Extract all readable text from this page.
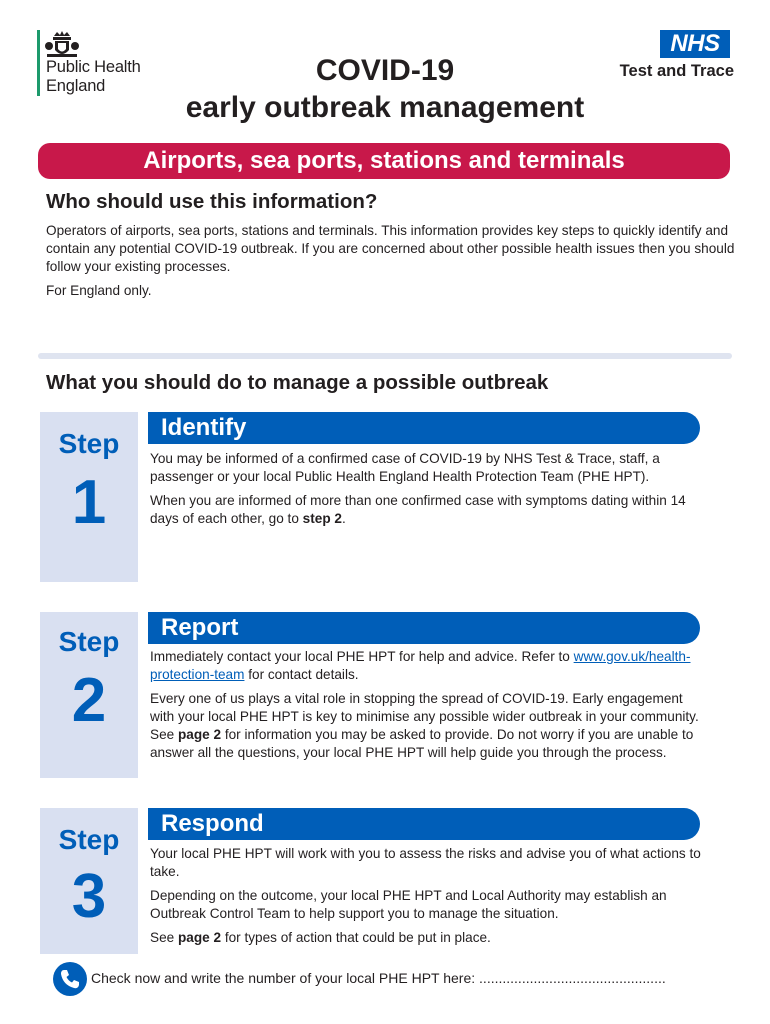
Public Health
England
NHS
Test and Trace
COVID-19
early outbreak management
Airports, sea ports, stations and terminals
Who should use this information?

Operators of airports, sea ports, stations and terminals. This information provides key steps to quickly identify and contain any potential COVID-19 outbreak. If you are concerned about other possible health issues then you should follow your existing processes.

For England only.

What you should do to manage a possible outbreak
Step
1
Identify

You may be informed of a confirmed case of COVID-19 by NHS Test & Trace, staff, a passenger or your local Public Health England Health Protection Team (PHE HPT).

When you are informed of more than one confirmed case with symptoms dating within 14 days of each other, go to step 2.

Step
2
Report

Immediately contact your local PHE HPT for help and advice. Refer to www.gov.uk/health-protection-team for contact details.

Every one of us plays a vital role in stopping the spread of COVID-19. Early engagement with your local PHE HPT is key to minimise any possible wider outbreak in your community. See page 2 for information you may be asked to provide. Do not worry if you are unable to answer all the questions, your local PHE HPT will help guide you through the process.

Step
3
Respond

Your local PHE HPT will work with you to assess the risks and advise you of what actions to take.

Depending on the outcome, your local PHE HPT and Local Authority may establish an Outbreak Control Team to help support you to manage the situation.

See page 2 for types of action that could be put in place.

Check now and write the number of your local PHE HPT here: ................................................
